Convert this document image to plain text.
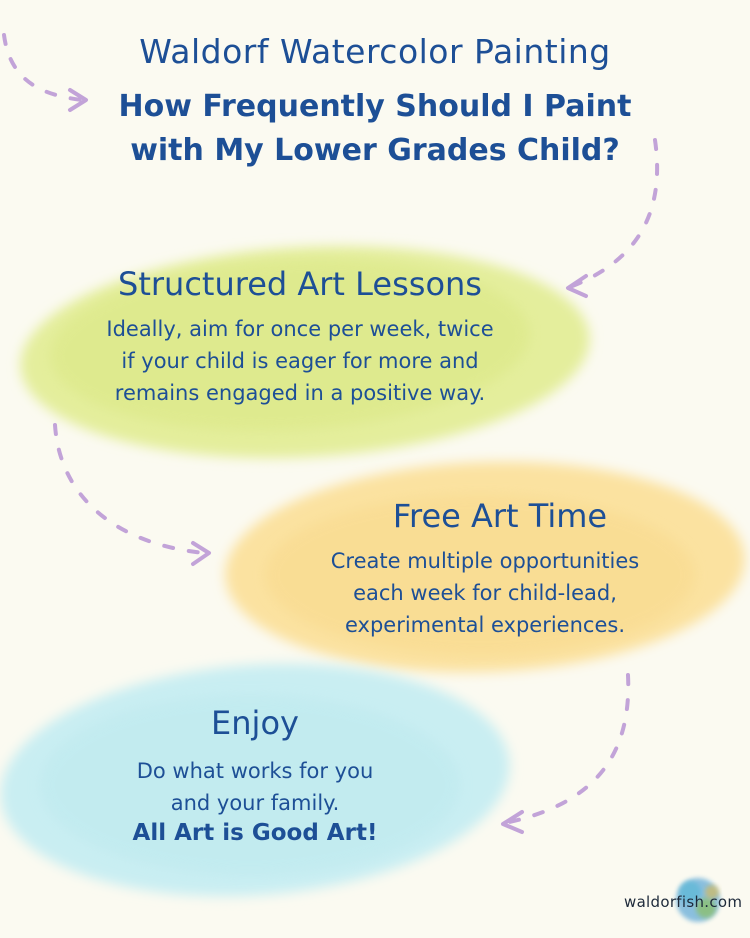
Waldorf Watercolor Painting
How Frequently Should I Paint
with My Lower Grades Child?
Structured Art Lessons
Ideally, aim for once per week, twice
if your child is eager for more and
remains engaged in a positive way.
Free Art Time
Create multiple opportunities
each week for child-lead,
experimental experiences.
Enjoy
Do what works for you
and your family.
All Art is Good Art!
waldorfish.com
